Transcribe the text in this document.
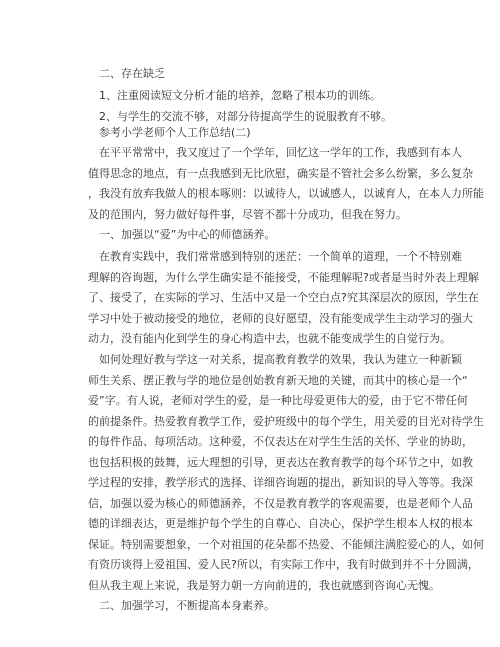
二、存在缺乏
1、注重阅读短文分析才能的培养，忽略了根本功的训练。
2、与学生的交流不够，对部分待提高学生的说服教育不够。
参考小学老师个人工作总结(二)
在平平常常中，我又度过了一个学年，回忆这一学年的工作，我感到有本人
值得思念的地点，有一点我感到无比欣慰，确实是不管社会多么纷繁，多么复杂
，我没有放弃我做人的根本啄则：以诚待人，以诚感人，以诚育人，在本人力所能
及的范围内，努力做好每件事，尽管不都十分成功，但我在努力。
一、加强以“爱”为中心的师德涵养。
在教育实践中，我们常常感到特别的迷茫：一个简单的道理，一个不特别难
理解的咨询题，为什么学生确实是不能接受，不能理解呢?或者是当时外表上理解
了、接受了，在实际的学习、生活中又是一个空白点?究其深层次的原因，学生在
学习中处于被动接受的地位，老师的良好愿望，没有能变成学生主动学习的强大
动力，没有能内化到学生的身心构造中去，也就不能变成学生的自觉行为。
如何处理好教与学这一对关系，提高教育教学的效果，我认为建立一种新颖
师生关系、摆正教与学的地位是创始教育新天地的关键，而其中的核心是一个“
爱”字。有人说，老师对学生的爱，是一种比母爱更伟大的爱，由于它不带任何
的前提条件。热爱教育教学工作，爱护班级中的每个学生，用关爱的目光对待学生
的每件作品、每项活动。这种爱，不仅表达在对学生生活的关怀、学业的协助，
也包括积极的鼓舞，远大理想的引导，更表达在教育教学的每个环节之中，如教
学过程的安排，教学形式的选择、详细咨询题的提出，新知识的导入等等。我深
信，加强以爱为核心的师德涵养，不仅是教育教学的客观需要，也是老师个人品
德的详细表达，更是维护每个学生的自尊心、自决心，保护学生根本人权的根本
保证。特别需要想象，一个对祖国的花朵都不热爱、不能倾注满腔爱心的人，如何
有资历谈得上爱祖国、爱人民?所以，有实际工作中，我有时做到并不十分圆满，
但从我主观上来说，我是努力朝一方向前进的，我也就感到咨询心无愧。
二、加强学习，不断提高本身素养。
